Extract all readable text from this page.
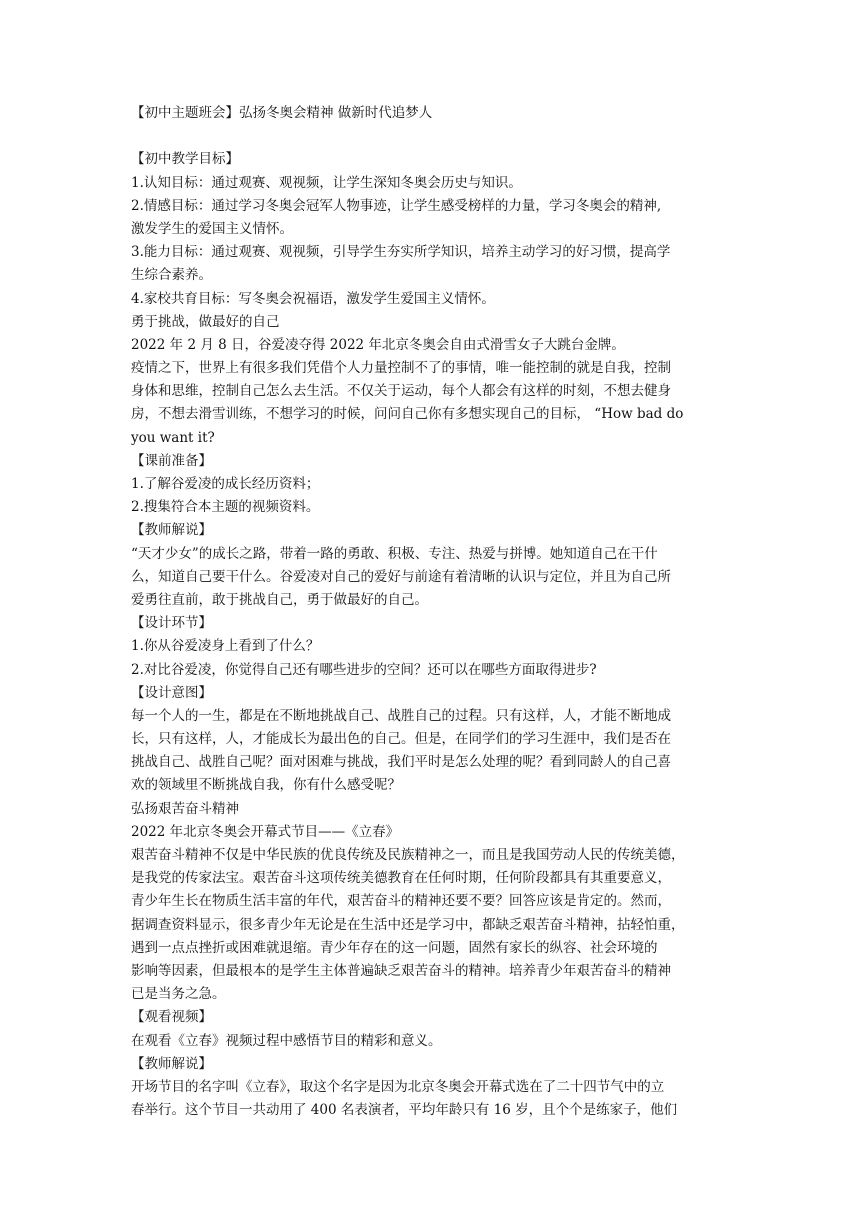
【初中主题班会】弘扬冬奥会精神 做新时代追梦人
【初中教学目标】
1.认知目标：通过观赛、观视频，让学生深知冬奥会历史与知识。
2.情感目标：通过学习冬奥会冠军人物事迹，让学生感受榜样的力量，学习冬奥会的精神,
激发学生的爱国主义情怀。
3.能力目标：通过观赛、观视频，引导学生夯实所学知识，培养主动学习的好习惯，提高学
生综合素养。
4.家校共育目标：写冬奥会祝福语，激发学生爱国主义情怀。
勇于挑战，做最好的自己
2022 年 2 月 8 日，谷爱凌夺得 2022 年北京冬奥会自由式滑雪女子大跳台金牌。
疫情之下，世界上有很多我们凭借个人力量控制不了的事情，唯一能控制的就是自我，控制
身体和思维，控制自己怎么去生活。不仅关于运动，每个人都会有这样的时刻，不想去健身
房，不想去滑雪训练，不想学习的时候，问问自己你有多想实现自己的目标， “How bad do
you want it?
【课前准备】
1.了解谷爱凌的成长经历资料；
2.搜集符合本主题的视频资料。
【教师解说】
“天才少女”的成长之路，带着一路的勇敢、积极、专注、热爱与拼博。她知道自己在干什
么，知道自己要干什么。谷爱凌对自己的爱好与前途有着清晰的认识与定位，并且为自己所
爱勇往直前，敢于挑战自己，勇于做最好的自己。
【设计环节】
1.你从谷爱凌身上看到了什么？
2.对比谷爱凌，你觉得自己还有哪些进步的空间？还可以在哪些方面取得进步?
【设计意图】
每一个人的一生，都是在不断地挑战自己、战胜自己的过程。只有这样，人，才能不断地成
长，只有这样，人，才能成长为最出色的自己。但是，在同学们的学习生涯中，我们是否在
挑战自己、战胜自己呢？面对困难与挑战，我们平时是怎么处理的呢？看到同龄人的自己喜
欢的领域里不断挑战自我，你有什么感受呢？
弘扬艰苦奋斗精神
2022 年北京冬奥会开幕式节目——《立春》
艰苦奋斗精神不仅是中华民族的优良传统及民族精神之一，而且是我国劳动人民的传统美德，
是我党的传家法宝。艰苦奋斗这项传统美德教育在任何时期，任何阶段都具有其重要意义，
青少年生长在物质生活丰富的年代，艰苦奋斗的精神还要不要？回答应该是肯定的。然而，
据调查资料显示，很多青少年无论是在生活中还是学习中，都缺乏艰苦奋斗精神，拈轻怕重，
遇到一点点挫折或困难就退缩。青少年存在的这一问题，固然有家长的纵容、社会环境的
影响等因素，但最根本的是学生主体普遍缺乏艰苦奋斗的精神。培养青少年艰苦奋斗的精神
已是当务之急。
【观看视频】
在观看《立春》视频过程中感悟节目的精彩和意义。
【教师解说】
开场节目的名字叫《立春》，取这个名字是因为北京冬奥会开幕式选在了二十四节气中的立
春举行。这个节目一共动用了 400 名表演者，平均年龄只有 16 岁，且个个是练家子，他们
